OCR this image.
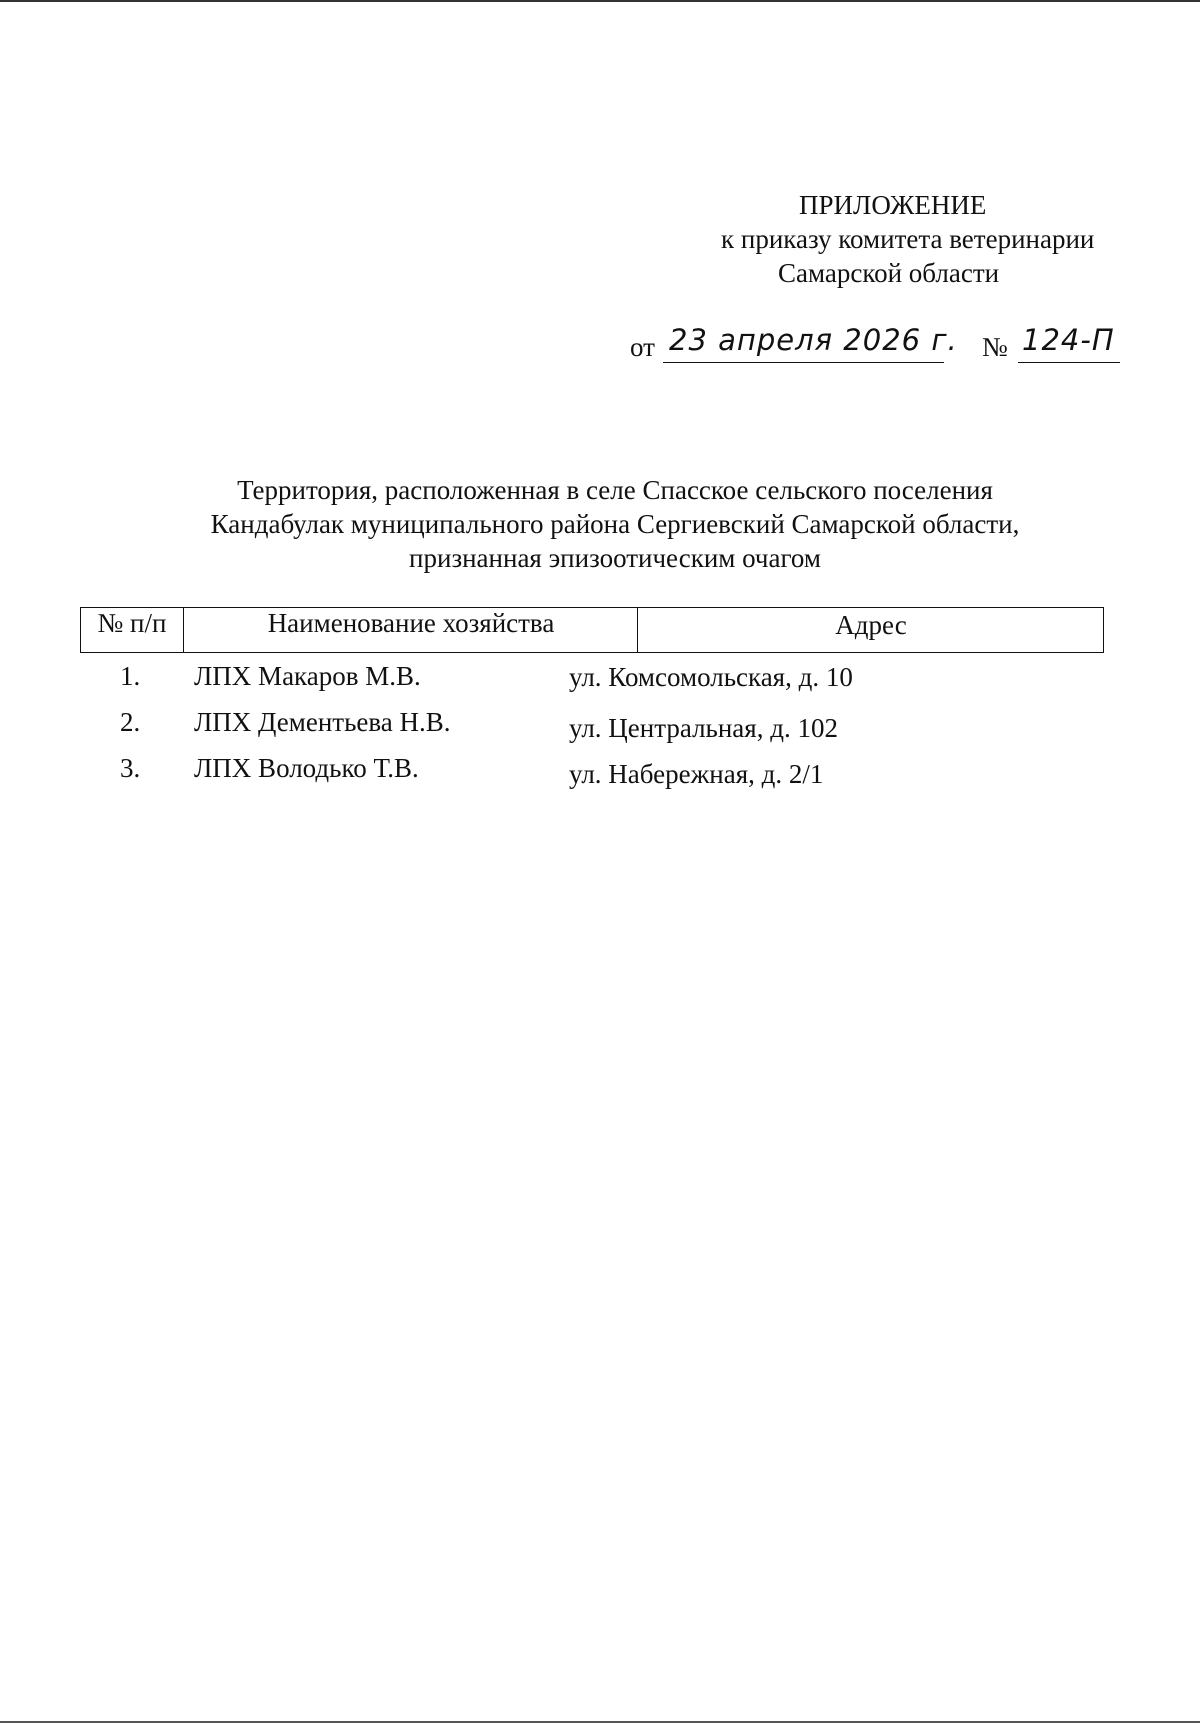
ПРИЛОЖЕНИЕ
к приказу комитета ветеринарии
Самарской области
от 23 апреля 2026 г. № 124-П
Территория, расположенная в селе Спасское сельского поселения
Кандабулак муниципального района Сергиевский Самарской области,
признанная эпизоотическим очагом
№ п/п	Наименование хозяйства	Адрес
1. ЛПХ Макаров М.В.	ул. Комсомольская, д. 10
2. ЛПХ Дементьева Н.В.	ул. Центральная, д. 102
3. ЛПХ Володько Т.В.	ул. Набережная, д. 2/1
